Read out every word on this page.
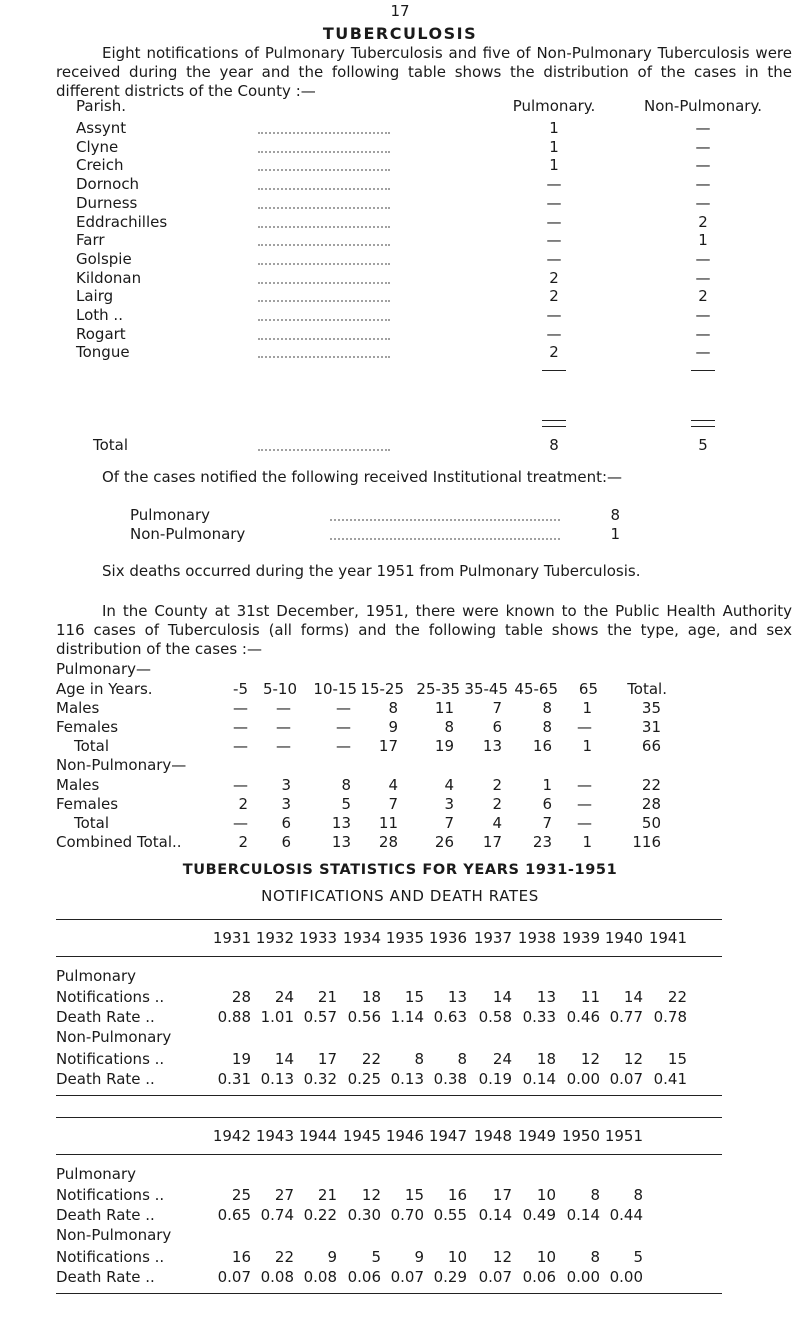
17
TUBERCULOSIS

Eight notifications of Pulmonary Tuberculosis and five of Non-Pulmonary Tuberculosis were received during the year and the following table shows the distribution of the cases in the different districts of the County :—

Parish.	Pulmonary.	Non-Pulmonary.
Assynt	1	—
Clyne	1	—
Creich	1	—
Dornoch	—	—
Durness	—	—
Eddrachilles	—	2
Farr	—	1
Golspie	—	—
Kildonan	2	—
Lairg	2	2
Loth ..	—	—
Rogart	—	—
Tongue	2	—
Total	8	5

Of the cases notified the following received Institutional treatment:—

Pulmonary	8
Non-Pulmonary	1

Six deaths occurred during the year 1951 from Pulmonary Tuberculosis.

In the County at 31st December, 1951, there were known to the Public Health Authority 116 cases of Tuberculosis (all forms) and the following table shows the type, age, and sex distribution of the cases :—

Pulmonary—
Age in Years.	-5 5-10	10-15 15-25 25-35 35-45 45-65	65	Total.
Males	—	—	—	8	11	7	8	1	35
Females	—	—	—	9	8	6	8	—	31
Total	—	—	—	17	19	13	16	1	66
Non-Pulmonary—
Males	—	3	8	4	4	2	1	—	22
Females	2	3	5	7	3	2	6	—	28
Total	—	6	13	11	7	4	7	—	50
Combined Total..	2	6	13	28	26	17	23	1	116
TUBERCULOSIS STATISTICS FOR YEARS 1931-1951
NOTIFICATIONS AND DEATH RATES
1931 1932 1933 1934 1935 1936 1937 1938 1939 1940 1941
Pulmonary
Notifications ..	28	24	21	18	15	13	14	13	11	14	22
Death Rate ..	0.88 1.01 0.57 0.56 1.14 0.63 0.58 0.33 0.46 0.77 0.78
Non-Pulmonary
Notifications ..	19	14	17	22	8	8	24	18	12	12	15
Death Rate ..	0.31 0.13 0.32 0.25 0.13 0.38 0.19 0.14 0.00 0.07 0.41
1942 1943 1944 1945 1946 1947 1948 1949 1950 1951
Pulmonary
Notifications ..	25	27	21	12	15	16	17	10	8	8
Death Rate ..	0.65 0.74 0.22 0.30 0.70 0.55 0.14 0.49 0.14 0.44
Non-Pulmonary
Notifications ..	16	22	9	5	9	10	12	10	8	5
Death Rate ..	0.07 0.08 0.08 0.06 0.07 0.29 0.07 0.06 0.00 0.00
